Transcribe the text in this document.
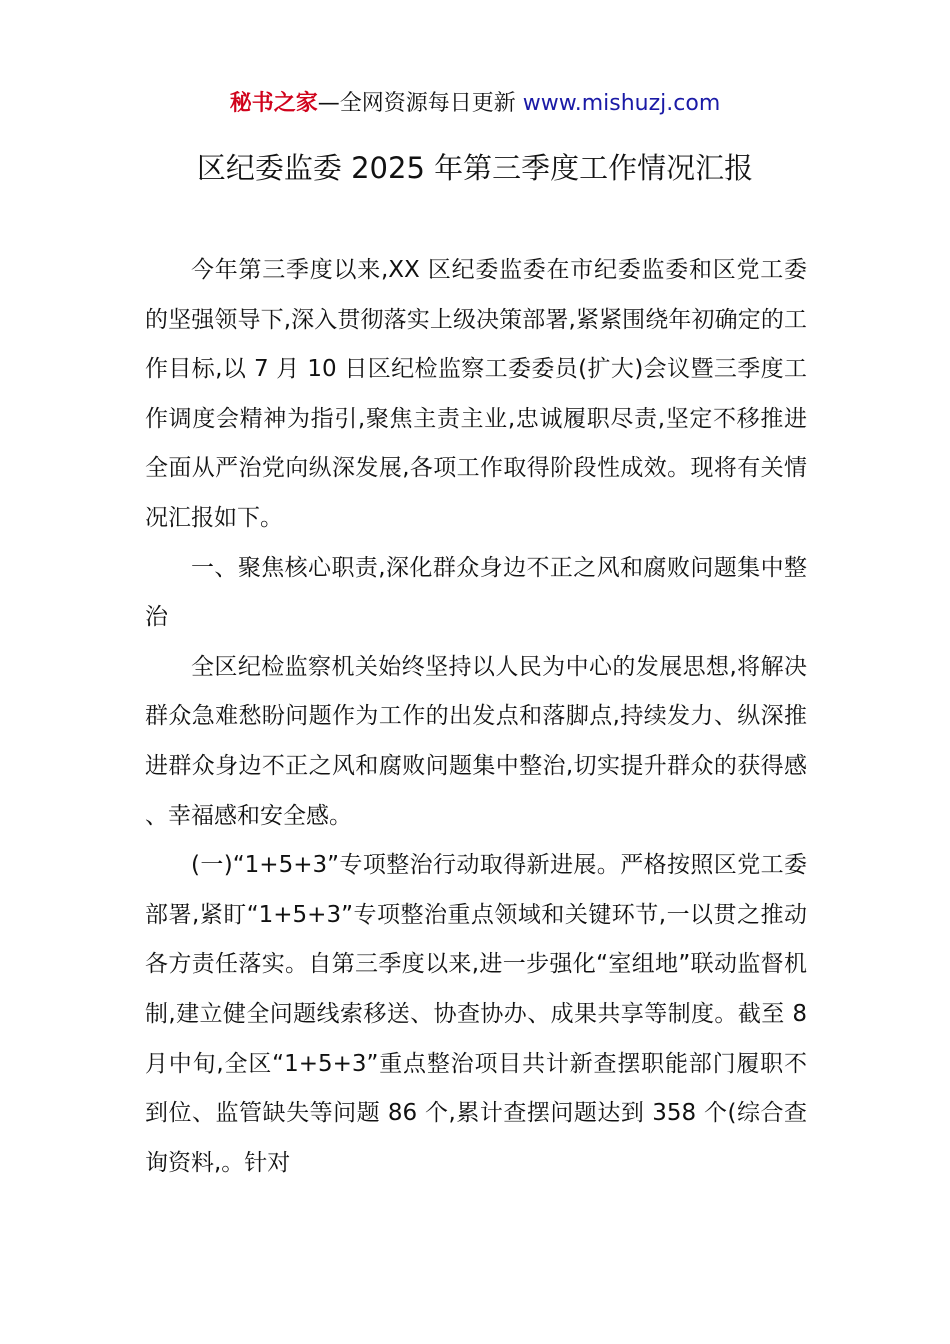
秘书之家—全网资源每日更新 www.mishuzj.com
区纪委监委 2025 年第三季度工作情况汇报

今年第三季度以来,XX 区纪委监委在市纪委监委和区党工委的坚强领导下,深入贯彻落实上级决策部署,紧紧围绕年初确定的工作目标,以 7 月 10 日区纪检监察工委委员(扩大)会议暨三季度工作调度会精神为指引,聚焦主责主业,忠诚履职尽责,坚定不移推进全面从严治党向纵深发展,各项工作取得阶段性成效。现将有关情况汇报如下。

一、聚焦核心职责,深化群众身边不正之风和腐败问题集中整治

全区纪检监察机关始终坚持以人民为中心的发展思想,将解决群众急难愁盼问题作为工作的出发点和落脚点,持续发力、纵深推进群众身边不正之风和腐败问题集中整治,切实提升群众的获得感、幸福感和安全感。

(一)“1+5+3”专项整治行动取得新进展。严格按照区党工委部署,紧盯“1+5+3”专项整治重点领域和关键环节,一以贯之推动各方责任落实。自第三季度以来,进一步强化“室组地”联动监督机制,建立健全问题线索移送、协查协办、成果共享等制度。截至 8 月中旬,全区“1+5+3”重点整治项目共计新查摆职能部门履职不到位、监管缺失等问题 86 个,累计查摆问题达到 358 个(综合查询资料,。针对
